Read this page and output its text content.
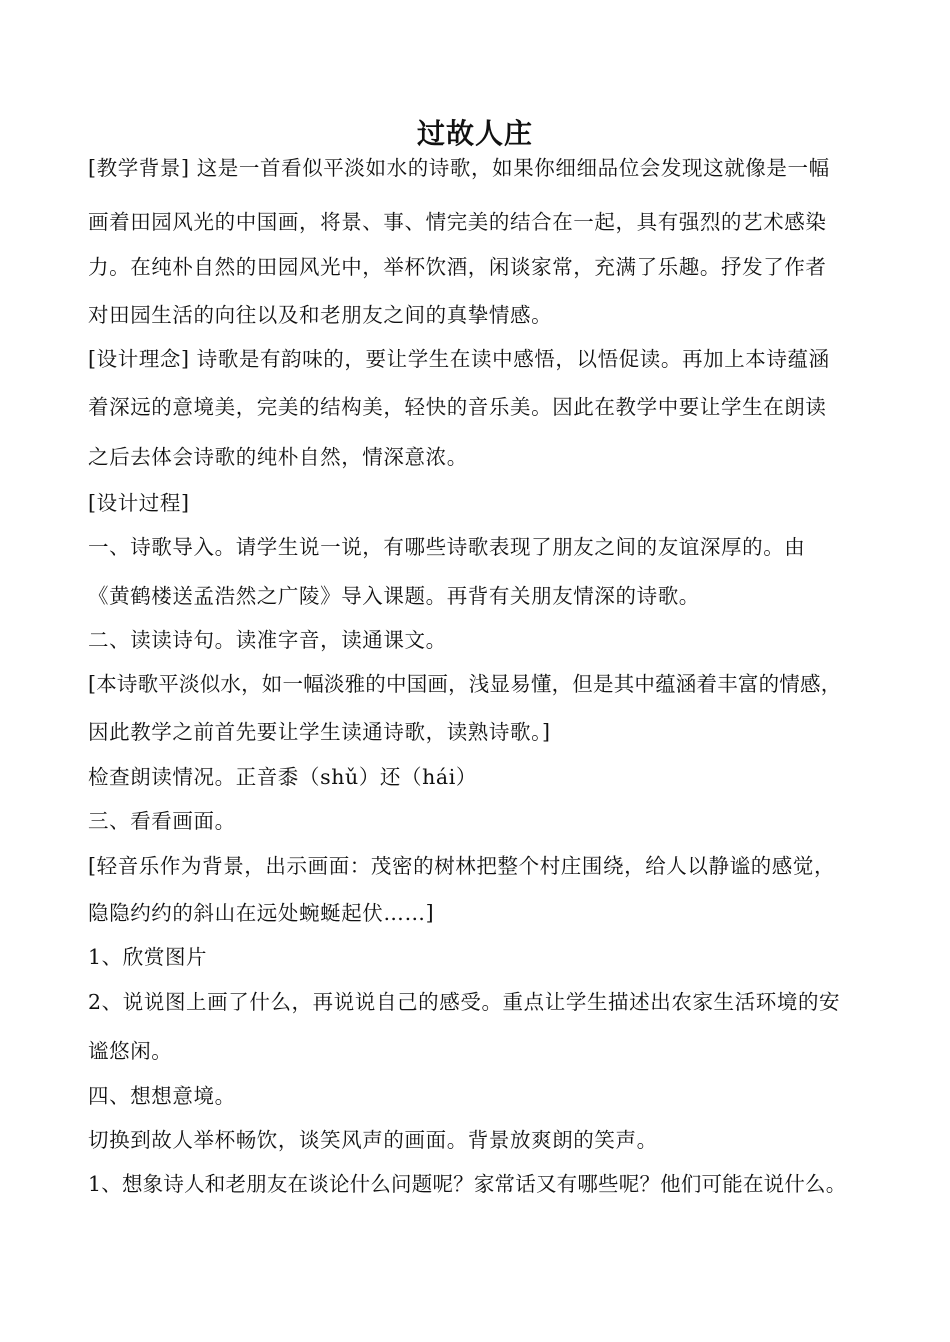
过故人庄
[教学背景] 这是一首看似平淡如水的诗歌，如果你细细品位会发现这就像是一幅
画着田园风光的中国画，将景、事、情完美的结合在一起，具有强烈的艺术感染
力。在纯朴自然的田园风光中，举杯饮酒，闲谈家常，充满了乐趣。抒发了作者
对田园生活的向往以及和老朋友之间的真挚情感。
[设计理念] 诗歌是有韵味的，要让学生在读中感悟，以悟促读。再加上本诗蕴涵
着深远的意境美，完美的结构美，轻快的音乐美。因此在教学中要让学生在朗读
之后去体会诗歌的纯朴自然，情深意浓。
[设计过程]
一、诗歌导入。请学生说一说，有哪些诗歌表现了朋友之间的友谊深厚的。由
《黄鹤楼送孟浩然之广陵》导入课题。再背有关朋友情深的诗歌。
二、读读诗句。读准字音，读通课文。
[本诗歌平淡似水，如一幅淡雅的中国画，浅显易懂，但是其中蕴涵着丰富的情感，
因此教学之前首先要让学生读通诗歌，读熟诗歌。]
检查朗读情况。正音黍（shǔ）还（hái）
三、看看画面。
[轻音乐作为背景，出示画面：茂密的树林把整个村庄围绕，给人以静谧的感觉，
隐隐约约的斜山在远处蜿蜒起伏……]
1、欣赏图片
2、说说图上画了什么，再说说自己的感受。重点让学生描述出农家生活环境的安
谧悠闲。
四、想想意境。
切换到故人举杯畅饮，谈笑风声的画面。背景放爽朗的笑声。
1、想象诗人和老朋友在谈论什么问题呢？家常话又有哪些呢？他们可能在说什么。
